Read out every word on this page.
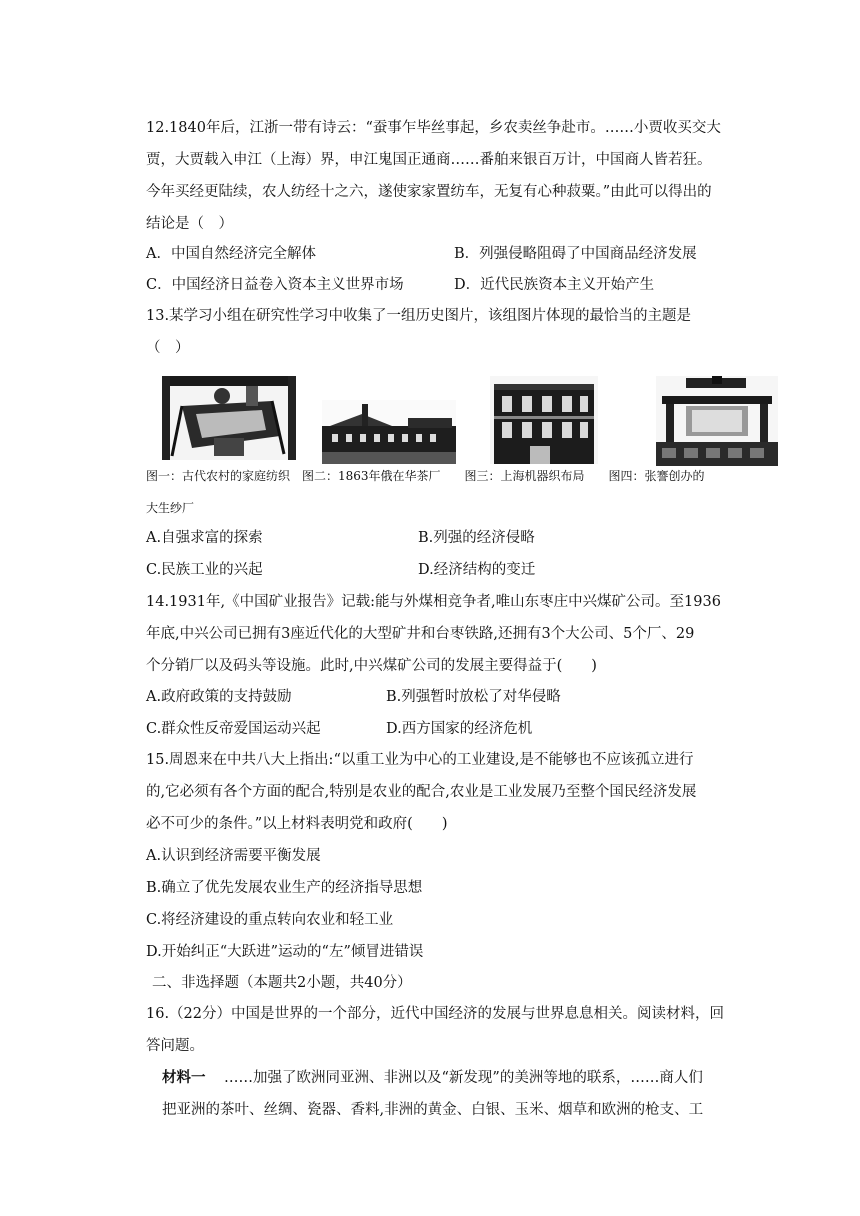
12.1840年后，江浙一带有诗云：“蚕事乍毕丝事起，乡农卖丝争赴市。……小贾收买交大
贾，大贾载入申江（上海）界，申江鬼国正通商……番舶来银百万计，中国商人皆若狂。
今年买经更陆续，农人纺经十之六，遂使家家置纺车，无复有心种菽粟。”由此可以得出的
结论是（　）
A．中国自然经济完全解体	B．列强侵略阻碍了中国商品经济发展
C．中国经济日益卷入资本主义世界市场	D．近代民族资本主义开始产生
13.某学习小组在研究性学习中收集了一组历史图片，该组图片体现的最恰当的主题是
（　）
图一：古代农村的家庭纺织　图二：1863年俄在华茶厂　　图三：上海机器织布局　　图四：张謇创办的
大生纱厂
A.自强求富的探索	B.列强的经济侵略
C.民族工业的兴起	D.经济结构的变迁
14.1931年,《中国矿业报告》记载:能与外煤相竞争者,唯山东枣庄中兴煤矿公司。至1936
年底,中兴公司已拥有3座近代化的大型矿井和台枣铁路,还拥有3个大公司、5个厂、29
个分销厂以及码头等设施。此时,中兴煤矿公司的发展主要得益于(　　)
A.政府政策的支持鼓励	B.列强暂时放松了对华侵略
C.群众性反帝爱国运动兴起	D.西方国家的经济危机
15.周恩来在中共八大上指出:“以重工业为中心的工业建设,是不能够也不应该孤立进行
的,它必须有各个方面的配合,特别是农业的配合,农业是工业发展乃至整个国民经济发展
必不可少的条件。”以上材料表明党和政府(　　)
A.认识到经济需要平衡发展
B.确立了优先发展农业生产的经济指导思想
C.将经济建设的重点转向农业和轻工业
D.开始纠正“大跃进”运动的“左”倾冒进错误
二、非选择题（本题共2小题，共40分）
16.（22分）中国是世界的一个部分，近代中国经济的发展与世界息息相关。阅读材料，回
答问题。
材料一 ……加强了欧洲同亚洲、非洲以及“新发现”的美洲等地的联系，……商人们
把亚洲的茶叶、丝绸、瓷器、香料,非洲的黄金、白银、玉米、烟草和欧洲的枪支、工
